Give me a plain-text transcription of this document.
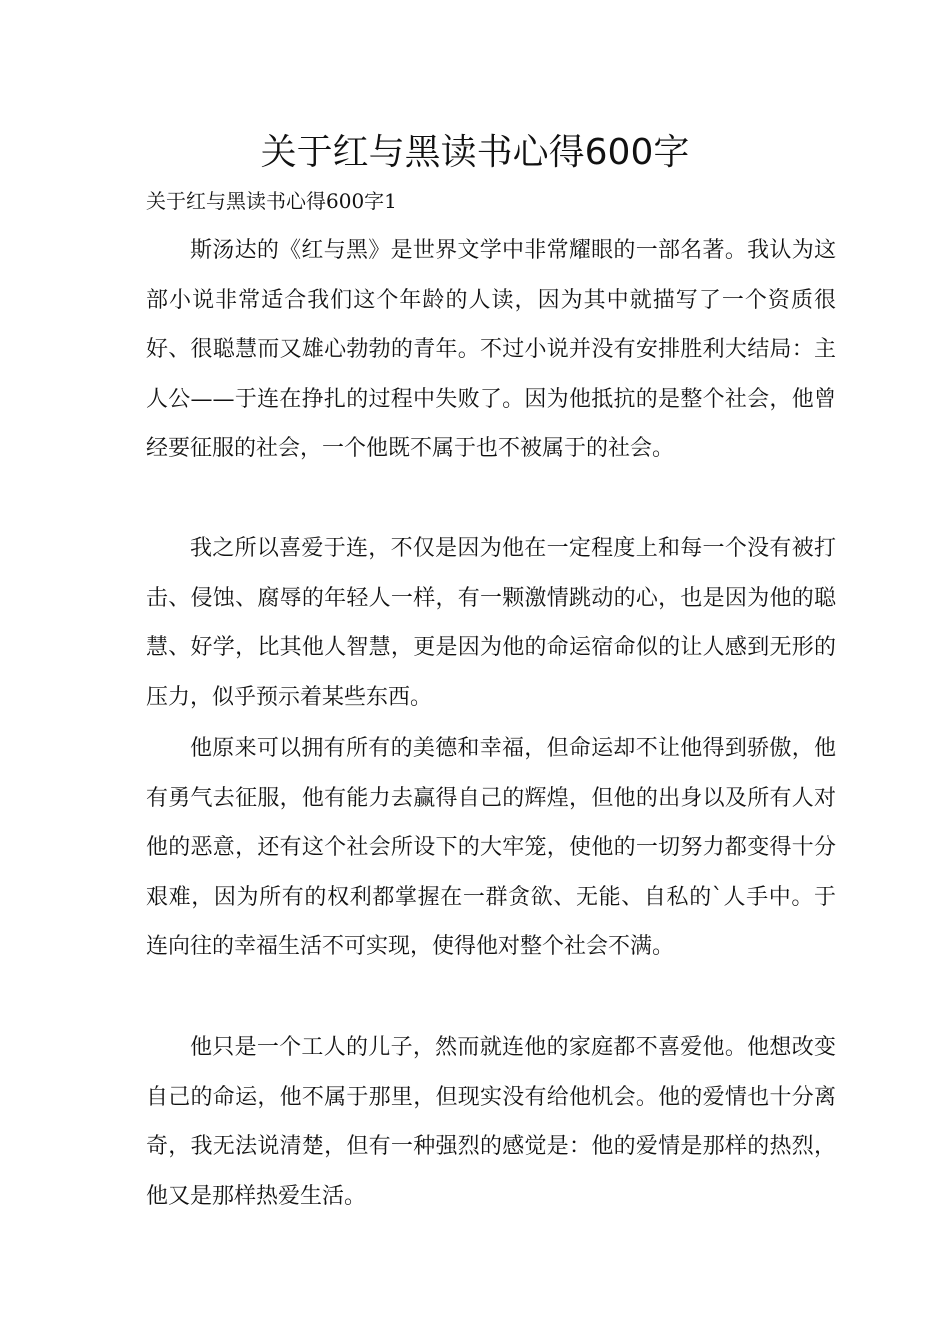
关于红与黑读书心得600字
关于红与黑读书心得600字1

斯汤达的《红与黑》是世界文学中非常耀眼的一部名著。我认为这部小说非常适合我们这个年龄的人读，因为其中就描写了一个资质很好、很聪慧而又雄心勃勃的青年。不过小说并没有安排胜利大结局：主人公——于连在挣扎的过程中失败了。因为他抵抗的是整个社会，他曾经要征服的社会，一个他既不属于也不被属于的社会。

我之所以喜爱于连，不仅是因为他在一定程度上和每一个没有被打击、侵蚀、腐辱的年轻人一样，有一颗激情跳动的心，也是因为他的聪慧、好学，比其他人智慧，更是因为他的命运宿命似的让人感到无形的压力，似乎预示着某些东西。

他原来可以拥有所有的美德和幸福，但命运却不让他得到骄傲，他有勇气去征服，他有能力去赢得自己的辉煌，但他的出身以及所有人对他的恶意，还有这个社会所设下的大牢笼，使他的一切努力都变得十分艰难，因为所有的权利都掌握在一群贪欲、无能、自私的`人手中。于连向往的幸福生活不可实现，使得他对整个社会不满。

他只是一个工人的儿子，然而就连他的家庭都不喜爱他。他想改变自己的命运，他不属于那里，但现实没有给他机会。他的爱情也十分离奇，我无法说清楚，但有一种强烈的感觉是：他的爱情是那样的热烈，他又是那样热爱生活。
